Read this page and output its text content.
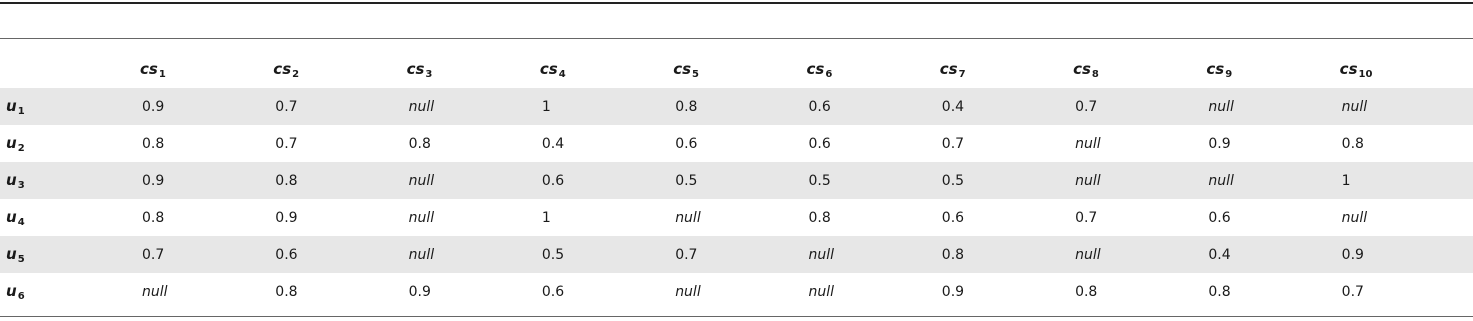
	$cs_1$	$cs_2$	$cs_3$	$cs_4$	$cs_5$	$cs_6$	$cs_7$	$cs_8$	$cs_9$	$cs_{10}$
$u_1$	0.9	0.7	null	1	0.8	0.6	0.4	0.7	null	null
$u_2$	0.8	0.7	0.8	0.4	0.6	0.6	0.7	null	0.9	0.8
$u_3$	0.9	0.8	null	0.6	0.5	0.5	0.5	null	null	1
$u_4$	0.8	0.9	null	1	null	0.8	0.6	0.7	0.6	null
$u_5$	0.7	0.6	null	0.5	0.7	null	0.8	null	0.4	0.9
$u_6$	null	0.8	0.9	0.6	null	null	0.9	0.8	0.8	0.7
